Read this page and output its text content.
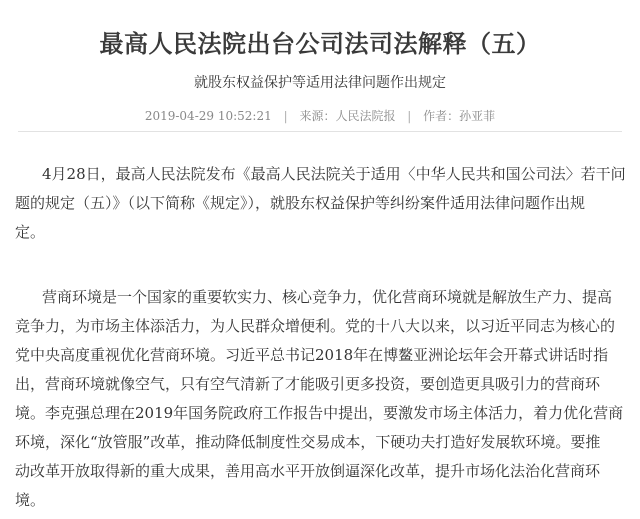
最高人民法院出台公司法司法解释（五）
就股东权益保护等适用法律问题作出规定
2019-04-29 10:52:21 | 来源：人民法院报 | 作者：孙亚菲
4月28日，最高人民法院发布《最高人民法院关于适用〈中华人民共和国公司法〉若干问
题的规定（五）》（以下简称《规定》），就股东权益保护等纠纷案件适用法律问题作出规
定。
营商环境是一个国家的重要软实力、核心竞争力，优化营商环境就是解放生产力、提高
竞争力，为市场主体添活力，为人民群众增便利。党的十八大以来，以习近平同志为核心的
党中央高度重视优化营商环境。习近平总书记2018年在博鳌亚洲论坛年会开幕式讲话时指
出，营商环境就像空气，只有空气清新了才能吸引更多投资，要创造更具吸引力的营商环
境。李克强总理在2019年国务院政府工作报告中提出，要激发市场主体活力，着力优化营商
环境，深化“放管服”改革，推动降低制度性交易成本，下硬功夫打造好发展软环境。要推
动改革开放取得新的重大成果，善用高水平开放倒逼深化改革，提升市场化法治化营商环
境。
